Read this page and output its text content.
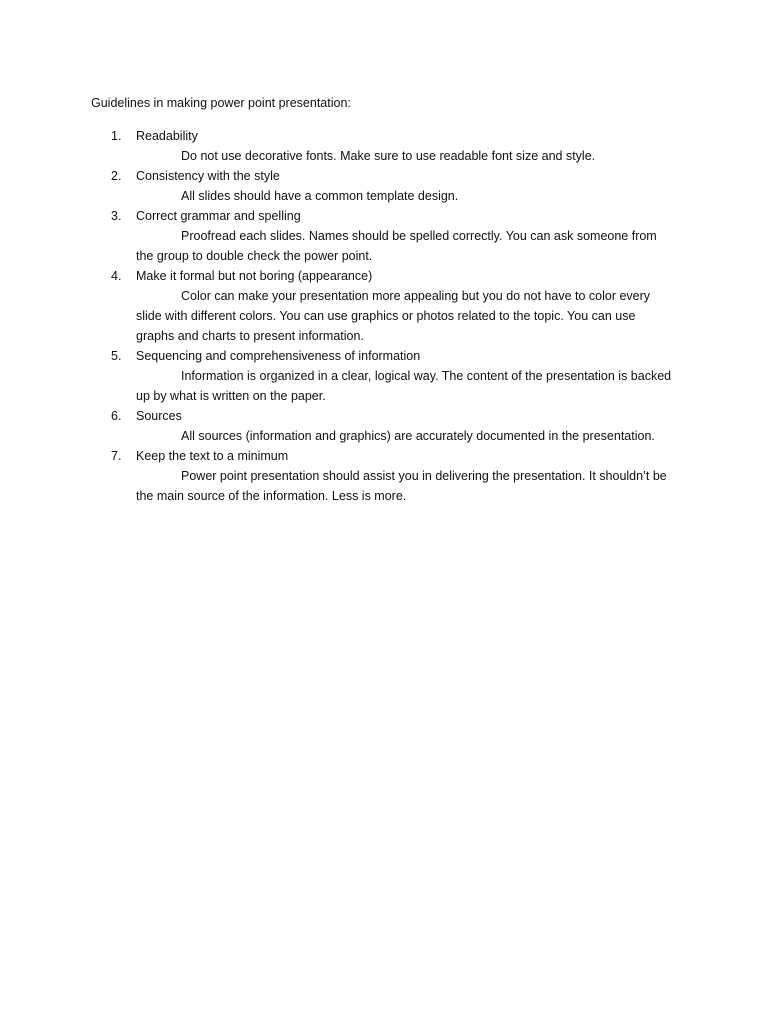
Guidelines in making power point presentation:
1.	Readability
Do not use decorative fonts. Make sure to use readable font size and style.
2.	Consistency with the style
All slides should have a common template design.
3.	Correct grammar and spelling
Proofread each slides. Names should be spelled correctly. You can ask someone from the group to double check the power point.
4.	Make it formal but not boring (appearance)
Color can make your presentation more appealing but you do not have to color every slide with different colors. You can use graphics or photos related to the topic. You can use graphs and charts to present information.
5.	Sequencing and comprehensiveness of information
Information is organized in a clear, logical way. The content of the presentation is backed up by what is written on the paper.
6.	Sources
All sources (information and graphics) are accurately documented in the presentation.
7.	Keep the text to a minimum
Power point presentation should assist you in delivering the presentation. It shouldn’t be the main source of the information. Less is more.
